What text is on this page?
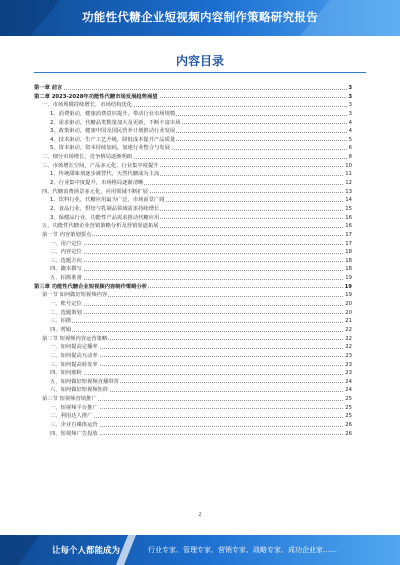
功能性代糖企业短视频内容制作策略研究报告
内容目录
第一章 前言	3
第二章 2023-2028年功能性代糖市场发展趋势展望	3
一、市场规模持续增长，市场结构优化	3
1、消费驱动，健康消费意识提升，带动行业市场规模	3
2、需求驱动，代糖品类数量加大及更新，不断丰富市场	4
3、政策驱动，健康中国及国民营养计划推动行业发展	4
4、技术驱动，生产工艺升级，降低成本提升产品质量	5
5、资本驱动，资本持续加码，加速行业整合与发展	6
二、细分市场增长，竞争格局逐渐明朗	8
三、市场增长空间，产品多元化、行业集中度提升	10
1、传统甜味剂逐步被替代，天然代糖成为主流	11
2、行业集中度提升，市场格局逐渐清晰	12
四、代糖消费场景多元化，应用领域不断扩展	13
1、饮料行业，代糖应用最为广泛，市场前景广阔	14
2、食品行业，烘焙与乳制品领域需求持续增长	15
3、保健品行业，功能性产品需求推动代糖应用	16
五、功能性代糖企业营销策略分析及营销渠道拓展	16
第一节 内容策划要点	17
一、用户定位	17
二、内容定位	18
三、选题方向	18
四、脚本撰写	18
五、拍摄准备	19
第三章 功能性代糖企业短视频内容制作策略分析	19
第一节 如何做好短视频内容	19
一、账号定位	20
二、选题策划	20
三、拍摄	21
四、剪辑	22
第二节 短视频内容运营策略	22
一、如何提高完播率	22
二、如何提高互动率	23
三、如何提高转发率	23
四、如何涨粉	23
五、如何做好短视频直播带货	24
六、如何做好短视频矩阵	24
第三节 短视频营销推广	25
一、短视频平台推广	25
二、利用达人推广	25
三、企业自媒体运营	26
四、短视频广告投放	26
2
让每个人都能成为	行业专家、管理专家、营销专家、战略专家、成功企业家……
